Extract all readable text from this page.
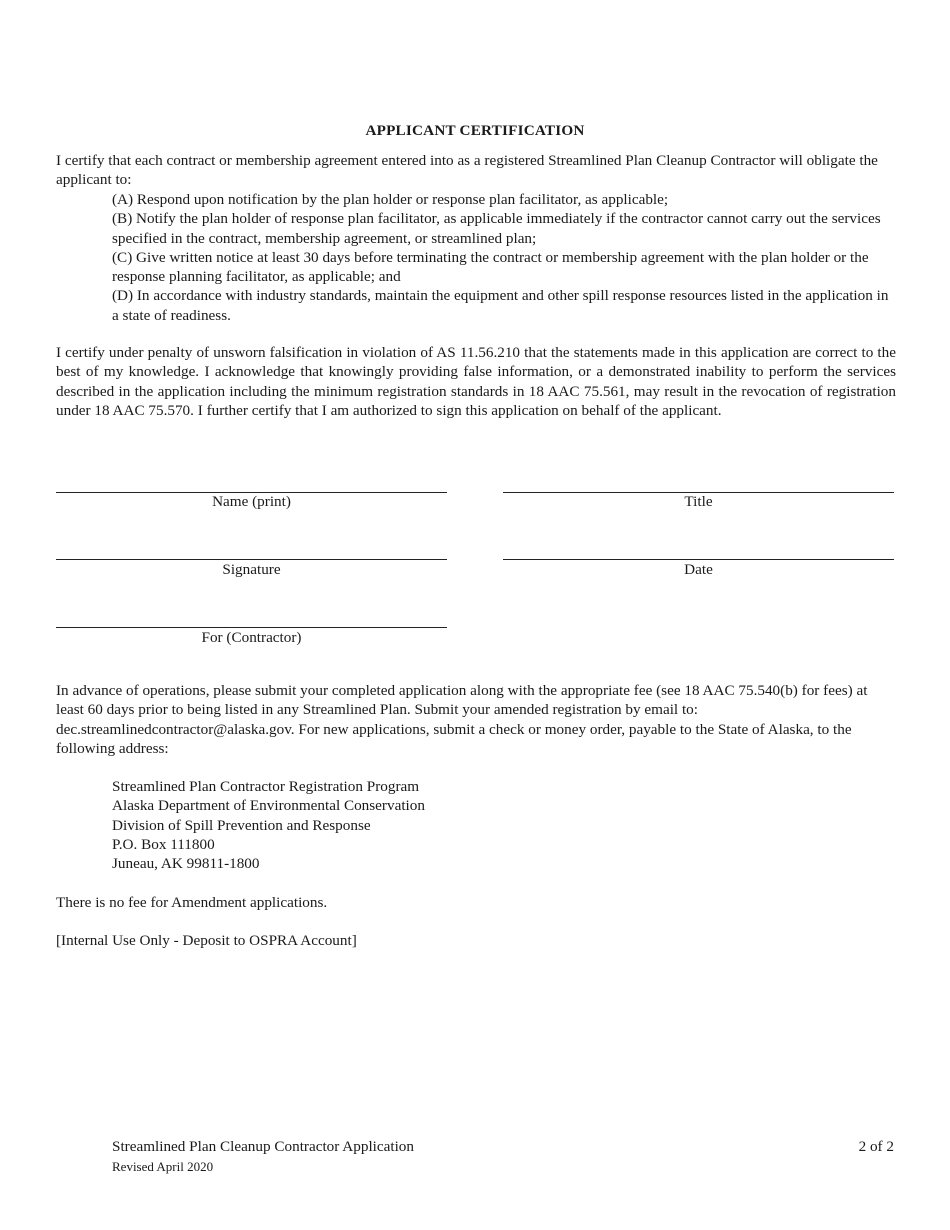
APPLICANT CERTIFICATION

I certify that each contract or membership agreement entered into as a registered Streamlined Plan Cleanup Contractor will obligate the applicant to:

(A) Respond upon notification by the plan holder or response plan facilitator, as applicable;
(B) Notify the plan holder of response plan facilitator, as applicable immediately if the contractor cannot carry out the services specified in the contract, membership agreement, or streamlined plan;
(C) Give written notice at least 30 days before terminating the contract or membership agreement with the plan holder or the response planning facilitator, as applicable; and
(D) In accordance with industry standards, maintain the equipment and other spill response resources listed in the application in a state of readiness.

I certify under penalty of unsworn falsification in violation of AS 11.56.210 that the statements made in this application are correct to the best of my knowledge. I acknowledge that knowingly providing false information, or a demonstrated inability to perform the services described in the application including the minimum registration standards in 18 AAC 75.561, may result in the revocation of registration under 18 AAC 75.570. I further certify that I am authorized to sign this application on behalf of the applicant.

Name (print)	Title
Signature	Date
For (Contractor)

In advance of operations, please submit your completed application along with the appropriate fee (see 18 AAC 75.540(b) for fees) at least 60 days prior to being listed in any Streamlined Plan. Submit your amended registration by email to: dec.streamlinedcontractor@alaska.gov. For new applications, submit a check or money order, payable to the State of Alaska, to the following address:

Streamlined Plan Contractor Registration Program
Alaska Department of Environmental Conservation
Division of Spill Prevention and Response
P.O. Box 111800
Juneau, AK 99811-1800

There is no fee for Amendment applications.

[Internal Use Only - Deposit to OSPRA Account]

Streamlined Plan Cleanup Contractor Application
Revised April 2020
2 of 2
